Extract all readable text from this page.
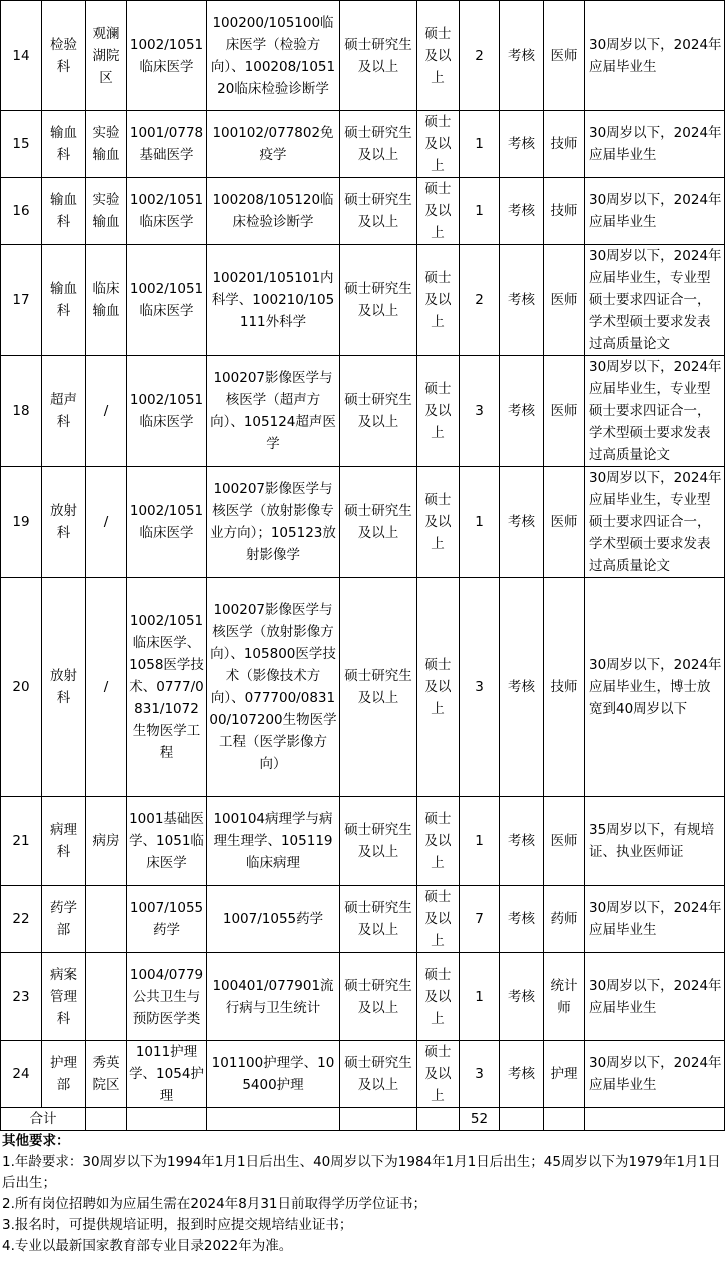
14	检验科	观澜湖院区	1002/1051临床医学	100200/105100临床医学（检验方向）、100208/105120临床检验诊断学	硕士研究生及以上	硕士及以上	2	考核	医师	30周岁以下，2024年应届毕业生
15	输血科	实验输血	1001/0778基础医学	100102/077802免疫学	硕士研究生及以上	硕士及以上	1	考核	技师	30周岁以下，2024年应届毕业生
16	输血科	实验输血	1002/1051临床医学	100208/105120临床检验诊断学	硕士研究生及以上	硕士及以上	1	考核	技师	30周岁以下，2024年应届毕业生
17	输血科	临床输血	1002/1051临床医学	100201/105101内科学、100210/105111外科学	硕士研究生及以上	硕士及以上	2	考核	医师	30周岁以下，2024年应届毕业生，专业型硕士要求四证合一，学术型硕士要求发表过高质量论文
18	超声科	/	1002/1051临床医学	100207影像医学与核医学（超声方向）、105124超声医学	硕士研究生及以上	硕士及以上	3	考核	医师	30周岁以下，2024年应届毕业生，专业型硕士要求四证合一，学术型硕士要求发表过高质量论文
19	放射科	/	1002/1051临床医学	100207影像医学与核医学（放射影像专业方向）；105123放射影像学	硕士研究生及以上	硕士及以上	1	考核	医师	30周岁以下，2024年应届毕业生，专业型硕士要求四证合一，学术型硕士要求发表过高质量论文
20	放射科	/	1002/1051临床医学、1058医学技术、0777/0831/1072生物医学工程	100207影像医学与核医学（放射影像方向）、105800医学技术（影像技术方向）、077700/083100/107200生物医学工程（医学影像方向）	硕士研究生及以上	硕士及以上	3	考核	技师	30周岁以下，2024年应届毕业生，博士放宽到40周岁以下
21	病理科	病房	1001基础医学、1051临床医学	100104病理学与病理生理学、105119临床病理	硕士研究生及以上	硕士及以上	1	考核	医师	35周岁以下，有规培证、执业医师证
22	药学部		1007/1055药学	1007/1055药学	硕士研究生及以上	硕士及以上	7	考核	药师	30周岁以下，2024年应届毕业生
23	病案管理科		1004/0779公共卫生与预防医学类	100401/077901流行病与卫生统计	硕士研究生及以上	硕士及以上	1	考核	统计师	30周岁以下，2024年应届毕业生
24	护理部	秀英院区	1011护理学、1054护理	101100护理学、105400护理	硕士研究生及以上	硕士及以上	3	考核	护理	30周岁以下，2024年应届毕业生
合计							52			

其他要求：

1.年龄要求：30周岁以下为1994年1月1日后出生、40周岁以下为1984年1月1日后出生；45周岁以下为1979年1月1日后出生；

2.所有岗位招聘如为应届生需在2024年8月31日前取得学历学位证书；

3.报名时，可提供规培证明，报到时应提交规培结业证书；

4.专业以最新国家教育部专业目录2022年为准。
